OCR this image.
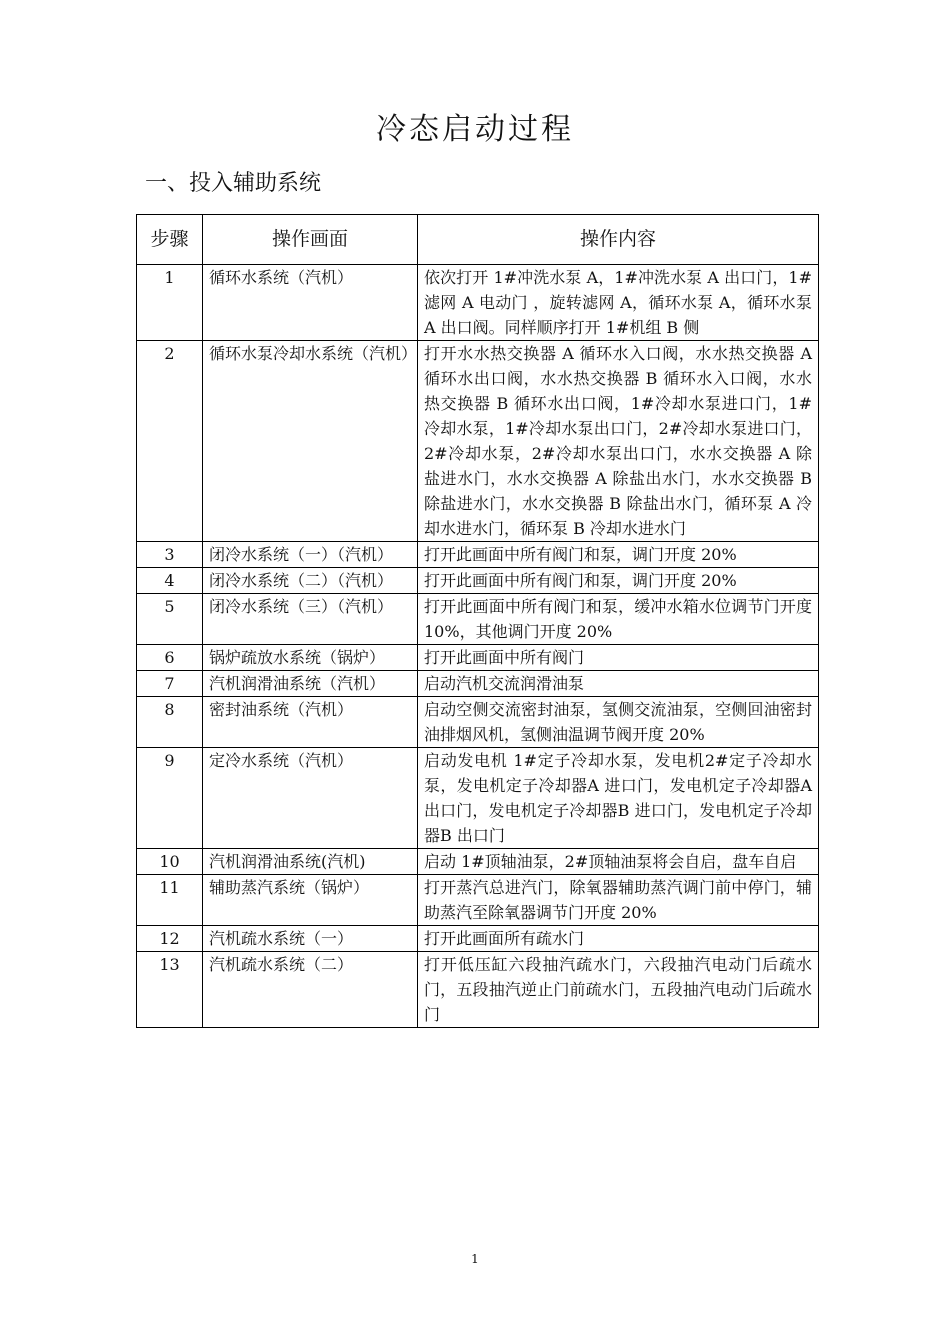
冷态启动过程
一、投入辅助系统
步骤	操作画面	操作内容
1	循环水系统（汽机）	依次打开 1#冲洗水泵 A，1#冲洗水泵 A 出口门，1#滤网 A 电动门 ，旋转滤网 A，循环水泵 A，循环水泵 A 出口阀。同样顺序打开 1#机组 B 侧
2	循环水泵冷却水系统（汽机）	打开水水热交换器 A 循环水入口阀，水水热交换器 A 循环水出口阀，水水热交换器 B 循环水入口阀，水水热交换器 B 循环水出口阀，1#冷却水泵进口门，1#冷却水泵，1#冷却水泵出口门，2#冷却水泵进口门，2#冷却水泵，2#冷却水泵出口门，水水交换器 A 除盐进水门，水水交换器 A 除盐出水门，水水交换器 B 除盐进水门，水水交换器 B 除盐出水门，循环泵 A 冷却水进水门，循环泵 B 冷却水进水门
3	闭冷水系统（一）（汽机）	打开此画面中所有阀门和泵，调门开度 20%
4	闭冷水系统（二）（汽机）	打开此画面中所有阀门和泵，调门开度 20%
5	闭冷水系统（三）（汽机）	打开此画面中所有阀门和泵，缓冲水箱水位调节门开度 10%，其他调门开度 20%
6	锅炉疏放水系统（锅炉）	打开此画面中所有阀门
7	汽机润滑油系统（汽机）	启动汽机交流润滑油泵
8	密封油系统（汽机）	启动空侧交流密封油泵，氢侧交流油泵，空侧回油密封油排烟风机，氢侧油温调节阀开度 20%
9	定冷水系统（汽机）	启动发电机 1#定子冷却水泵，发电机2#定子冷却水泵，发电机定子冷却器A 进口门，发电机定子冷却器A 出口门，发电机定子冷却器B 进口门，发电机定子冷却器B 出口门
10	汽机润滑油系统(汽机)	启动 1#顶轴油泵，2#顶轴油泵将会自启，盘车自启
11	辅助蒸汽系统（锅炉）	打开蒸汽总进汽门，除氧器辅助蒸汽调门前中停门，辅助蒸汽至除氧器调节门开度 20%
12	汽机疏水系统（一）	打开此画面所有疏水门
13	汽机疏水系统（二）	打开低压缸六段抽汽疏水门，六段抽汽电动门后疏水门，五段抽汽逆止门前疏水门，五段抽汽电动门后疏水门
1
